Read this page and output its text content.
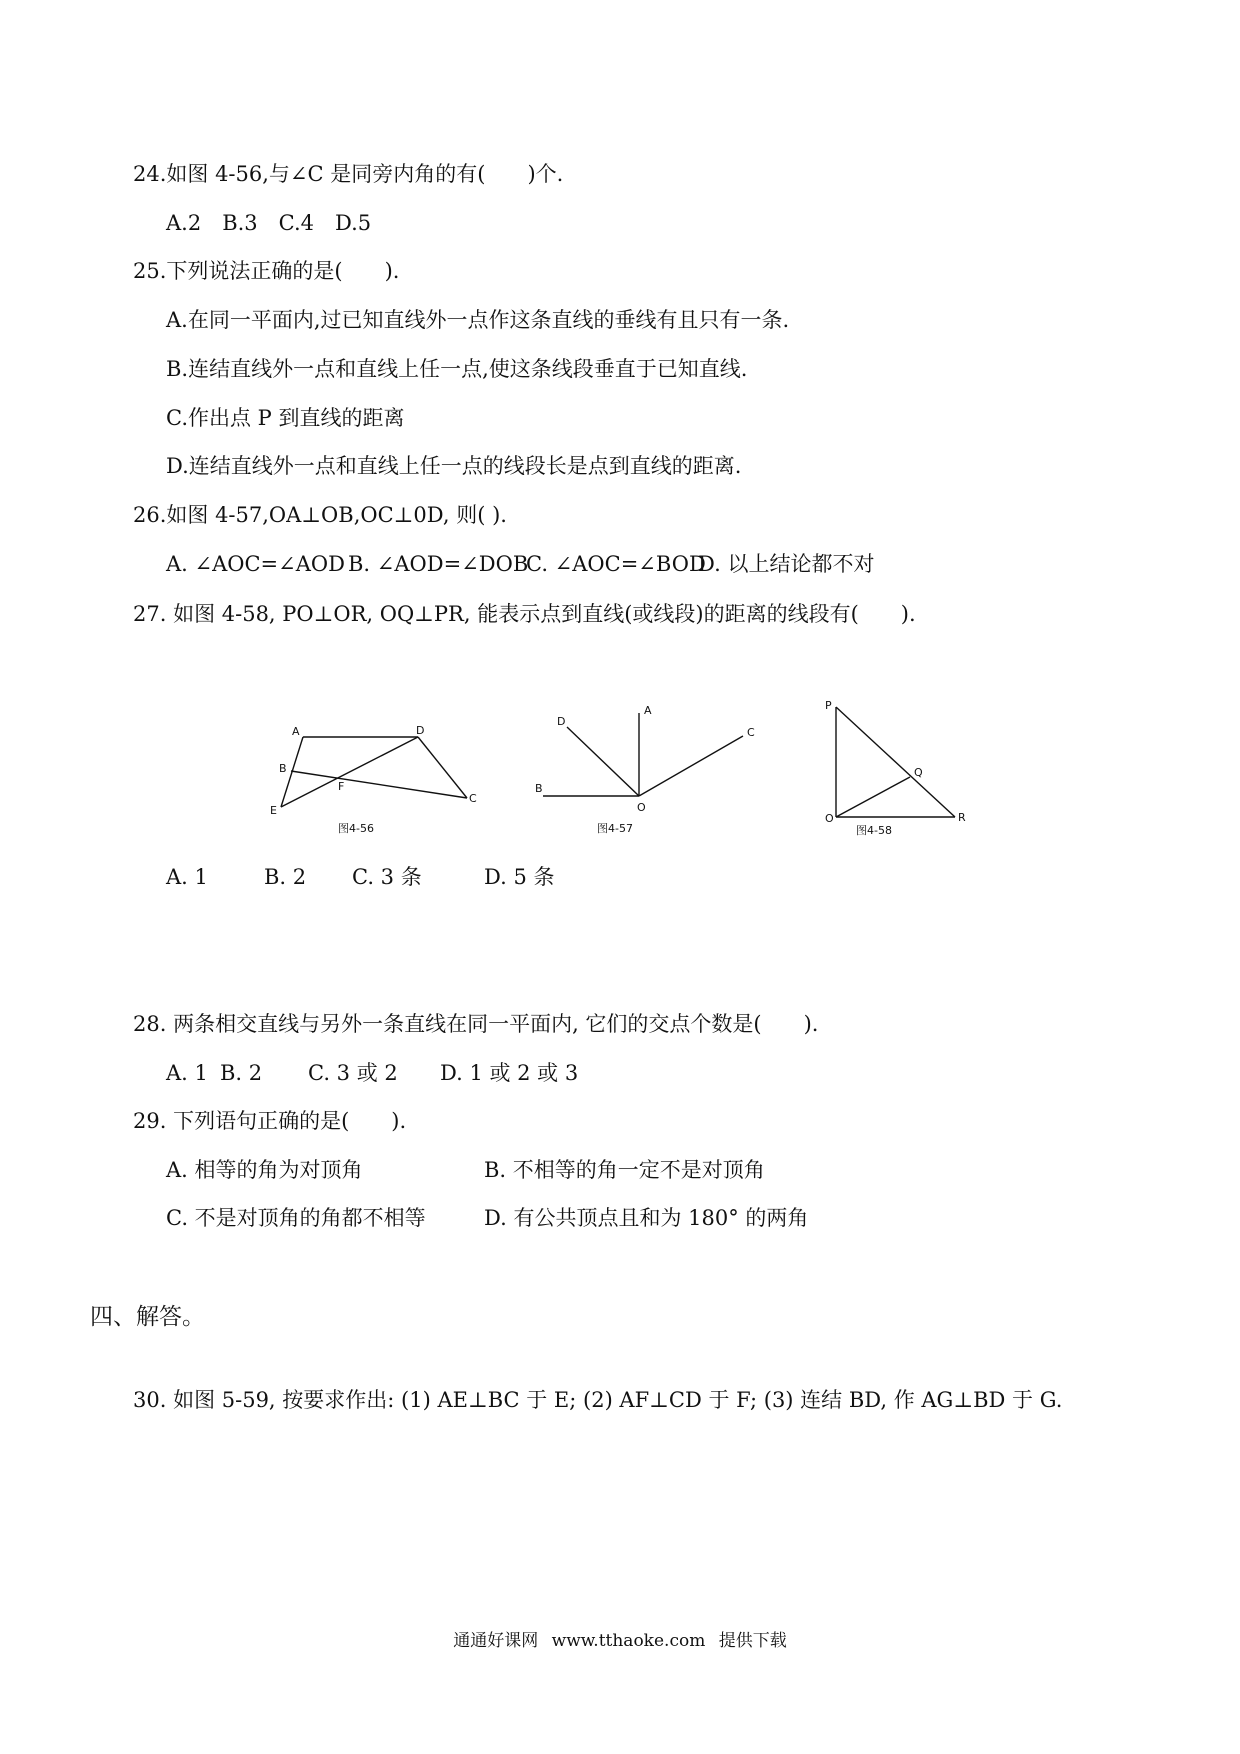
24.如图 4-56,与∠C 是同旁内角的有(　　)个.
A.2　B.3　C.4　D.5
25.下列说法正确的是(　　).
A.在同一平面内,过已知直线外一点作这条直线的垂线有且只有一条.
B.连结直线外一点和直线上任一点,使这条线段垂直于已知直线.
C.作出点 P 到直线的距离
D.连结直线外一点和直线上任一点的线段长是点到直线的距离.
26.如图 4-57,OA⊥OB,OC⊥0D, 则( ).
A. ∠AOC=∠AOD B. ∠AOD=∠DOB
C. ∠AOC=∠BOD
D. 以上结论都不对
27. 如图 4-58, PO⊥OR, OQ⊥PR, 能表示点到直线(或线段)的距离的线段有(　　).
A	D
B
F
E
C
图4-56
D
A
C
B
O
图4-57
P
Q
O	R
图4-58
A. 1	B. 2 C. 3 条	D. 5 条
28. 两条相交直线与另外一条直线在同一平面内, 它们的交点个数是(　　).
A. 1 B. 2 C. 3 或 2 D. 1 或 2 或 3
29. 下列语句正确的是(　　).
A. 相等的角为对顶角	B. 不相等的角一定不是对顶角
C. 不是对顶角的角都不相等	D. 有公共顶点且和为 180° 的两角
四、解答。
30. 如图 5-59, 按要求作出: (1) AE⊥BC 于 E; (2) AF⊥CD 于 F; (3) 连结 BD, 作 AG⊥BD 于 G.
通通好课网 www.tthaoke.com 提供下载
